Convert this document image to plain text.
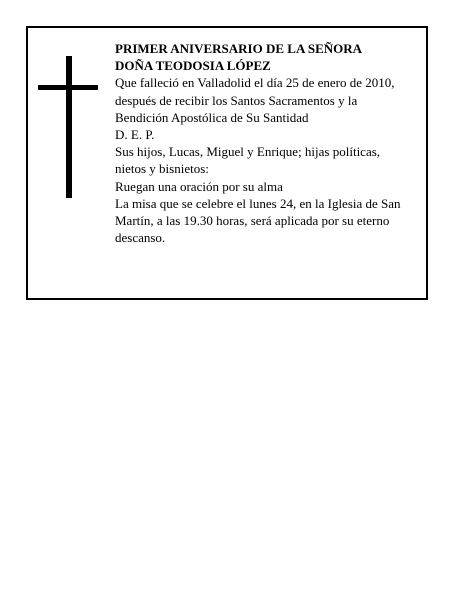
PRIMER ANIVERSARIO DE LA SEÑORA
DOÑA TEODOSIA LÓPEZ
Que falleció en Valladolid el día 25 de enero de 2010,
después de recibir los Santos Sacramentos y la
Bendición Apostólica de Su Santidad
D. E. P.
Sus hijos, Lucas, Miguel y Enrique; hijas políticas,
nietos y bisnietos:
Ruegan una oración por su alma
La misa que se celebre el lunes 24, en la Iglesia de San
Martín, a las 19.30 horas, será aplicada por su eterno
descanso.
